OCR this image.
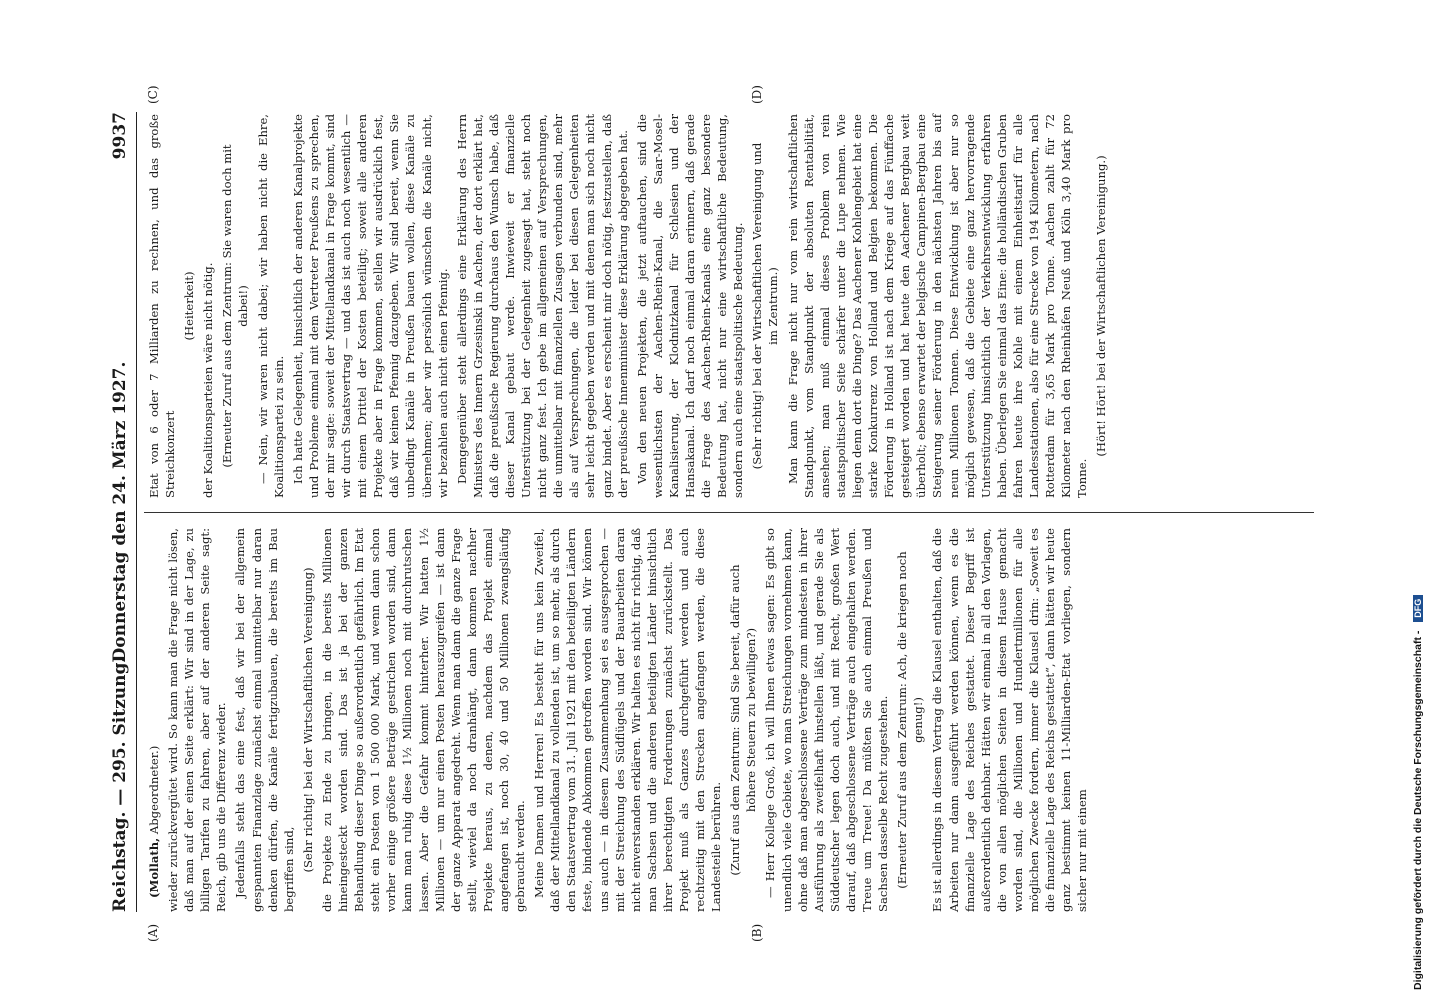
Reichstag. — 295. Sitzung.
Donnerstag den 24. März 1927.
9937
(A)	(B)
(C)	(D)

(Mollath, Abgeordneter.) wieder zurückvergütet wird. So kann man die Frage nicht lösen, daß man auf der einen Seite erklärt: Wir sind in der Lage, zu billigen Tarifen zu fahren, aber auf der anderen Seite sagt: Reich, gib uns die Differenz wieder. Jedenfalls steht das eine fest, daß wir bei der allgemein gespannten Finanzlage zunächst einmal unmittelbar nur daran denken dürfen, die Kanäle fertigzubauen, die bereits im Bau begriffen sind, (Sehr richtig! bei der Wirtschaftlichen Vereinigung) die Projekte zu Ende zu bringen, in die bereits Millionen hineingesteckt worden sind. Das ist ja bei der ganzen Behandlung dieser Dinge so außerordentlich gefährlich. Im Etat steht ein Posten von 1 500 000 Mark, und wenn dann schon vorher einige größere Beträge gestrichen worden sind, dann kann man ruhig diese 1½ Millionen noch mit durchrutschen lassen. Aber die Gefahr kommt hinterher. Wir hatten 1½ Millionen — um nur einen Posten herauszugreifen — ist dann der ganze Apparat angedreht. Wenn man dann die ganze Frage stellt, wieviel da noch dranhängt, dann kommen nachher Projekte heraus, zu denen, nachdem das Projekt einmal angefangen ist, noch 30, 40 und 50 Millionen zwangsläufig gebraucht werden. Meine Damen und Herren! Es besteht für uns kein Zweifel, daß der Mittellandkanal zu vollenden ist, um so mehr, als durch den Staatsvertrag vom 31. Juli 1921 mit den beteiligten Ländern feste, bindende Abkommen getroffen worden sind. Wir können uns auch — in diesem Zusammenhang sei es ausgesprochen — mit der Streichung des Südflügels und der Bauarbeiten daran nicht einverstanden erklären. Wir halten es nicht für richtig, daß man Sachsen und die anderen beteiligten Länder hinsichtlich ihrer berechtigten Forderungen zunächst zurückstellt. Das Projekt muß als Ganzes durchgeführt werden und auch rechtzeitig mit den Strecken angefangen werden, die diese Landesteile berühren. (Zuruf aus dem Zentrum: Sind Sie bereit, dafür auch höhere Steuern zu bewilligen?) — Herr Kollege Groß, ich will Ihnen etwas sagen: Es gibt so unendlich viele Gebiete, wo man Streichungen vornehmen kann, ohne daß man abgeschlossene Verträge zum mindesten in ihrer Ausführung als zweifelhaft hinstellen läßt, und gerade Sie als Süddeutscher legen doch auch, und mit Recht, großen Wert darauf, daß abgeschlossene Verträge auch eingehalten werden. Treue um Treue! Da müßten Sie auch einmal Preußen und Sachsen dasselbe Recht zugestehen. (Erneuter Zuruf aus dem Zentrum: Ach, die kriegen noch genug!) Es ist allerdings in diesem Vertrag die Klausel enthalten, daß die Arbeiten nur dann ausgeführt werden können, wenn es die finanzielle Lage des Reiches gestattet. Dieser Begriff ist außerordentlich dehnbar. Hätten wir einmal in all den Vorlagen, die von allen möglichen Seiten in diesem Hause gemacht worden sind, die Millionen und Hundertmillionen für alle möglichen Zwecke fordern, immer die Klausel drin: „Soweit es die finanzielle Lage des Reichs gestattet“, dann hätten wir heute ganz bestimmt keinen 11-Milliarden-Etat vorliegen, sondern sicher nur mit einem

Etat von 6 oder 7 Milliarden zu rechnen, und das große Streichkonzert

(Heiterkeit) der Koalitionsparteien wäre nicht nötig. (Erneuter Zuruf aus dem Zentrum: Sie waren doch mit dabei!) — Nein, wir waren nicht dabei; wir haben nicht die Ehre, Koalitionspartei zu sein. Ich hatte Gelegenheit, hinsichtlich der anderen Kanalprojekte und Probleme einmal mit dem Vertreter Preußens zu sprechen, der mir sagte: soweit der Mittellandkanal in Frage kommt, sind wir durch Staatsvertrag — und das ist auch noch wesentlich — mit einem Drittel der Kosten beteiligt; soweit alle anderen Projekte aber in Frage kommen, stellen wir ausdrücklich fest, daß wir keinen Pfennig dazugeben. Wir sind bereit, wenn Sie unbedingt Kanäle in Preußen bauen wollen, diese Kanäle zu übernehmen; aber wir persönlich wünschen die Kanäle nicht, wir bezahlen auch nicht einen Pfennig. Demgegenüber steht allerdings eine Erklärung des Herrn Ministers des Innern Grzesinski in Aachen, der dort erklärt hat, daß die preußische Regierung durchaus den Wunsch habe, daß dieser Kanal gebaut werde. Inwieweit er finanzielle Unterstützung bei der Gelegenheit zugesagt hat, steht noch nicht ganz fest. Ich gebe im allgemeinen auf Versprechungen, die unmittelbar mit finanziellen Zusagen verbunden sind, mehr als auf Versprechungen, die leider bei diesen Gelegenheiten sehr leicht gegeben werden und mit denen man sich noch nicht ganz bindet. Aber es erscheint mir doch nötig, festzustellen, daß der preußische Innenminister diese Erklärung abgegeben hat. Von den neuen Projekten, die jetzt auftauchen, sind die wesentlichsten der Aachen-Rhein-Kanal, die Saar-Mosel-Kanalisierung, der Klodnitzkanal für Schlesien und der Hansakanal. Ich darf noch einmal daran erinnern, daß gerade die Frage des Aachen-Rhein-Kanals eine ganz besondere Bedeutung hat, nicht nur eine wirtschaftliche Bedeutung, sondern auch eine staatspolitische Bedeutung. (Sehr richtig! bei der Wirtschaftlichen Vereinigung und im Zentrum.) Man kann die Frage nicht nur vom rein wirtschaftlichen Standpunkt, vom Standpunkt der absoluten Rentabilität, ansehen; man muß einmal dieses Problem von rein staatspolitischer Seite schärfer unter die Lupe nehmen. Wie liegen denn dort die Dinge? Das Aachener Kohlengebiet hat eine starke Konkurrenz von Holland und Belgien bekommen. Die Förderung in Holland ist nach dem Kriege auf das Fünffache gesteigert worden und hat heute den Aachener Bergbau weit überholt; ebenso erwartet der belgische Campinen-Bergbau eine Steigerung seiner Förderung in den nächsten Jahren bis auf neun Millionen Tonnen. Diese Entwicklung ist aber nur so möglich gewesen, daß die Gebiete eine ganz hervorragende Unterstützung hinsichtlich der Verkehrsentwicklung erfahren haben. Überlegen Sie einmal das Eine: die holländischen Gruben fahren heute ihre Kohle mit einem Einheitstarif für alle Landesstationen, also für eine Strecke von 194 Kilometern, nach Rotterdam für 3,65 Mark pro Tonne. Aachen zahlt für 72 Kilometer nach den Rheinhäfen Neuß und Köln 3,40 Mark pro Tonne.

(Hört! Hört! bei der Wirtschaftlichen Vereinigung.)

Digitalisierung gefördert durch die Deutsche Forschungsgemeinschaft - DFG
